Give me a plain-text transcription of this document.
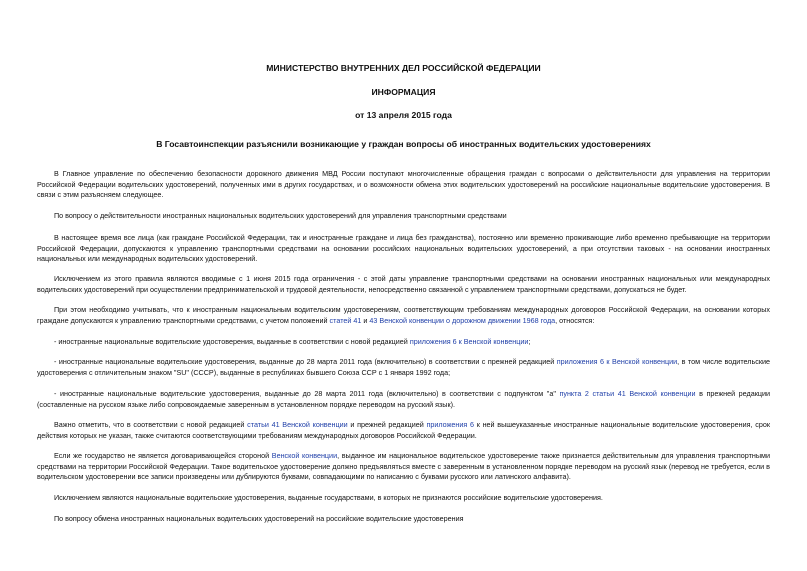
МИНИСТЕРСТВО ВНУТРЕННИХ ДЕЛ РОССИЙСКОЙ ФЕДЕРАЦИИ
ИНФОРМАЦИЯ
от 13 апреля 2015 года
В Госавтоинспекции разъяснили возникающие у граждан вопросы об иностранных водительских удостоверениях

В Главное управление по обеспечению безопасности дорожного движения МВД России поступают многочисленные обращения граждан с вопросами о действительности для управления на территории Российской Федерации водительских удостоверений, полученных ими в других государствах, и о возможности обмена этих водительских удостоверений на российские национальные водительские удостоверения. В связи с этим разъясняем следующее.

По вопросу о действительности иностранных национальных водительских удостоверений для управления транспортными средствами

В настоящее время все лица (как граждане Российской Федерации, так и иностранные граждане и лица без гражданства), постоянно или временно проживающие либо временно пребывающие на территории Российской Федерации, допускаются к управлению транспортными средствами на основании российских национальных водительских удостоверений, а при отсутствии таковых - на основании иностранных национальных или международных водительских удостоверений.

Исключением из этого правила являются вводимые с 1 июня 2015 года ограничения - с этой даты управление транспортными средствами на основании иностранных национальных или международных водительских удостоверений при осуществлении предпринимательской и трудовой деятельности, непосредственно связанной с управлением транспортными средствами, допускаться не будет.

При этом необходимо учитывать, что к иностранным национальным водительским удостоверениям, соответствующим требованиям международных договоров Российской Федерации, на основании которых граждане допускаются к управлению транспортными средствами, с учетом положений статей 41 и 43 Венской конвенции о дорожном движении 1968 года, относятся:

- иностранные национальные водительские удостоверения, выданные в соответствии с новой редакцией приложения 6 к Венской конвенции;

- иностранные национальные водительские удостоверения, выданные до 28 марта 2011 года (включительно) в соответствии с прежней редакцией приложения 6 к Венской конвенции, в том числе водительские удостоверения с отличительным знаком "SU" (СССР), выданные в республиках бывшего Союза ССР с 1 января 1992 года;

- иностранные национальные водительские удостоверения, выданные до 28 марта 2011 года (включительно) в соответствии с подпунктом "а" пункта 2 статьи 41 Венской конвенции в прежней редакции (составленные на русском языке либо сопровождаемые заверенным в установленном порядке переводом на русский язык).

Важно отметить, что в соответствии с новой редакцией статьи 41 Венской конвенции и прежней редакцией приложения 6 к ней вышеуказанные иностранные национальные водительские удостоверения, срок действия которых не указан, также считаются соответствующими требованиям международных договоров Российской Федерации.

Если же государство не является договаривающейся стороной Венской конвенции, выданное им национальное водительское удостоверение также признается действительным для управления транспортными средствами на территории Российской Федерации. Такое водительское удостоверение должно предъявляться вместе с заверенным в установленном порядке переводом на русский язык (перевод не требуется, если в водительском удостоверении все записи произведены или дублируются буквами, совпадающими по написанию с буквами русского или латинского алфавита).

Исключением являются национальные водительские удостоверения, выданные государствами, в которых не признаются российские водительские удостоверения.

По вопросу обмена иностранных национальных водительских удостоверений на российские водительские удостоверения
